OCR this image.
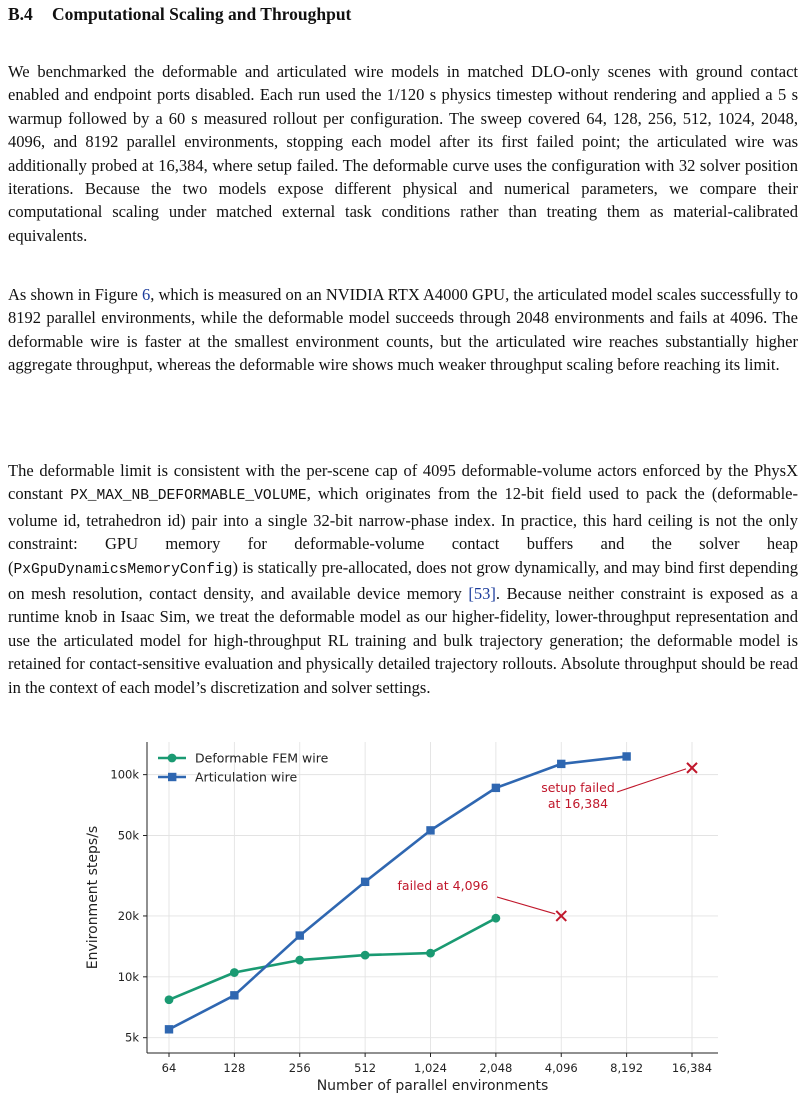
B.4 Computational Scaling and Throughput

We benchmarked the deformable and articulated wire models in matched DLO-only scenes with ground contact enabled and endpoint ports disabled. Each run used the 1/120 s physics timestep without rendering and applied a 5 s warmup followed by a 60 s measured rollout per configuration. The sweep covered 64, 128, 256, 512, 1024, 2048, 4096, and 8192 parallel environments, stopping each model after its first failed point; the articulated wire was additionally probed at 16,384, where setup failed. The deformable curve uses the configuration with 32 solver position iterations. Because the two models expose different physical and numerical parameters, we compare their computational scaling under matched external task conditions rather than treating them as material-calibrated equivalents.

As shown in Figure 6, which is measured on an NVIDIA RTX A4000 GPU, the articulated model scales successfully to 8192 parallel environments, while the deformable model succeeds through 2048 environments and fails at 4096. The deformable wire is faster at the smallest environment counts, but the articulated wire reaches substantially higher aggregate throughput, whereas the deformable wire shows much weaker throughput scaling before reaching its limit.

The deformable limit is consistent with the per-scene cap of 4095 deformable-volume actors enforced by the PhysX constant PX_MAX_NB_DEFORMABLE_VOLUME, which originates from the 12-bit field used to pack the (deformable-volume id, tetrahedron id) pair into a single 32-bit narrow-phase index. In practice, this hard ceiling is not the only constraint: GPU memory for deformable-volume contact buffers and the solver heap (PxGpuDynamicsMemoryConfig) is statically pre-allocated, does not grow dynamically, and may bind first depending on mesh resolution, contact density, and available device memory [53]. Because neither constraint is exposed as a runtime knob in Isaac Sim, we treat the deformable model as our higher-fidelity, lower-throughput representation and use the articulated model for high-throughput RL training and bulk trajectory generation; the deformable model is retained for contact-sensitive evaluation and physically detailed trajectory rollouts. Absolute throughput should be read in the context of each model’s discretization and solver settings.

64	128	256	512	1,024	2,048	4,096	8,192	16,384
5k
10k
20k
50k
100k
Number of parallel environments
Environment steps/s	failed at 4,096
setup failed
at 16,384
Deformable FEM wire
Articulation wire
